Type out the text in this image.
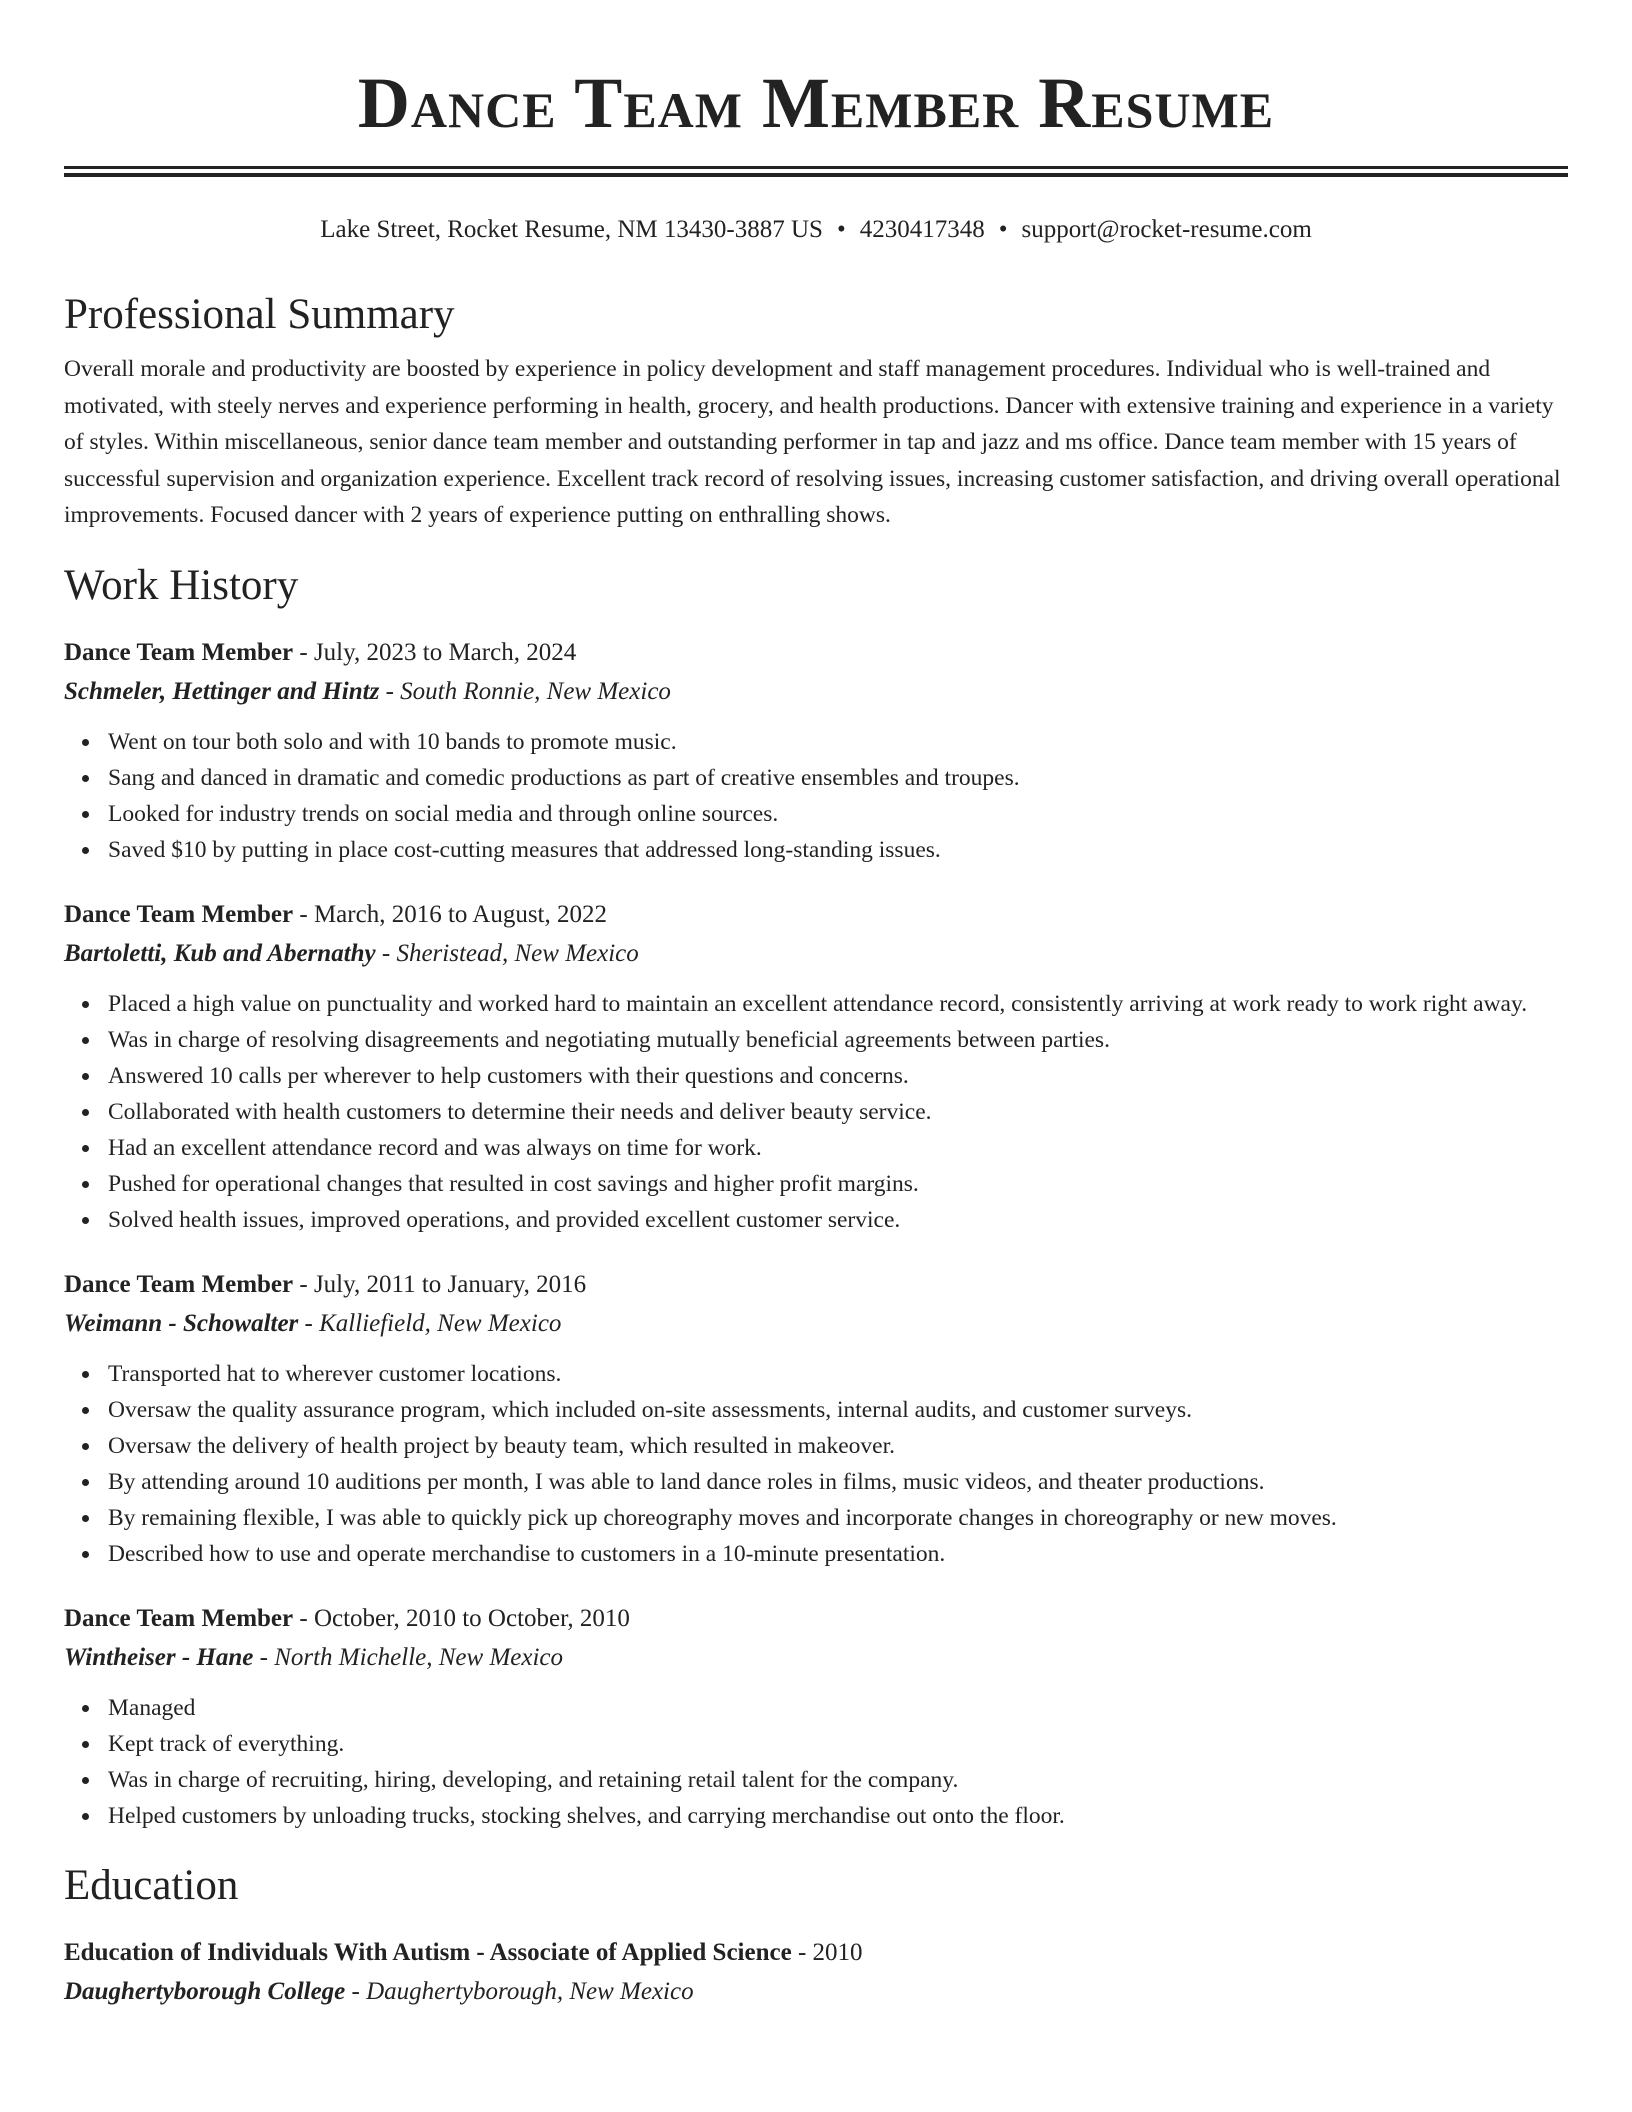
Dance Team Member Resume
Lake Street, Rocket Resume, NM 13430-3887 US • 4230417348 • support@rocket-resume.com
Professional Summary

Overall morale and productivity are boosted by experience in policy development and staff management procedures. Individual who is well-trained and motivated, with steely nerves and experience performing in health, grocery, and health productions. Dancer with extensive training and experience in a variety of styles. Within miscellaneous, senior dance team member and outstanding performer in tap and jazz and ms office. Dance team member with 15 years of successful supervision and organization experience. Excellent track record of resolving issues, increasing customer satisfaction, and driving overall operational improvements. Focused dancer with 2 years of experience putting on enthralling shows.

Work History
Dance Team Member - July, 2023 to March, 2024
Schmeler, Hettinger and Hintz - South Ronnie, New Mexico
Went on tour both solo and with 10 bands to promote music.
Sang and danced in dramatic and comedic productions as part of creative ensembles and troupes.
Looked for industry trends on social media and through online sources.
Saved $10 by putting in place cost-cutting measures that addressed long-standing issues.
Dance Team Member - March, 2016 to August, 2022
Bartoletti, Kub and Abernathy - Sheristead, New Mexico
Placed a high value on punctuality and worked hard to maintain an excellent attendance record, consistently arriving at work ready to work right away.
Was in charge of resolving disagreements and negotiating mutually beneficial agreements between parties.
Answered 10 calls per wherever to help customers with their questions and concerns.
Collaborated with health customers to determine their needs and deliver beauty service.
Had an excellent attendance record and was always on time for work.
Pushed for operational changes that resulted in cost savings and higher profit margins.
Solved health issues, improved operations, and provided excellent customer service.
Dance Team Member - July, 2011 to January, 2016
Weimann - Schowalter - Kalliefield, New Mexico
Transported hat to wherever customer locations.
Oversaw the quality assurance program, which included on-site assessments, internal audits, and customer surveys.
Oversaw the delivery of health project by beauty team, which resulted in makeover.
By attending around 10 auditions per month, I was able to land dance roles in films, music videos, and theater productions.
By remaining flexible, I was able to quickly pick up choreography moves and incorporate changes in choreography or new moves.
Described how to use and operate merchandise to customers in a 10-minute presentation.
Dance Team Member - October, 2010 to October, 2010
Wintheiser - Hane - North Michelle, New Mexico
Managed
Kept track of everything.
Was in charge of recruiting, hiring, developing, and retaining retail talent for the company.
Helped customers by unloading trucks, stocking shelves, and carrying merchandise out onto the floor.
Education
Education of Individuals With Autism - Associate of Applied Science - 2010
Daughertyborough College - Daughertyborough, New Mexico
